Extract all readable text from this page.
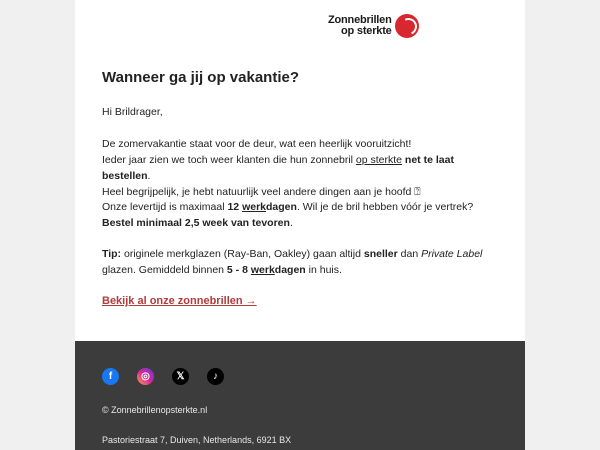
Zonnebrillen
op sterkte
Wanneer ga jij op vakantie?
Hi Brildrager,
De zomervakantie staat voor de deur, wat een heerlijk vooruitzicht!
Ieder jaar zien we toch weer klanten die hun zonnebril op sterkte net te laat bestellen.
Heel begrijpelijk, je hebt natuurlijk veel andere dingen aan je hoofd ⍰
Onze levertijd is maximaal 12 werkdagen. Wil je de bril hebben vóór je vertrek?
Bestel minimaal 2,5 week van tevoren.
Tip: originele merkglazen (Ray-Ban, Oakley) gaan altijd sneller dan Private Label
glazen. Gemiddeld binnen 5 - 8 werkdagen in huis.
Bekijk al onze zonnebrillen →
f	◎	𝕏	♪
© Zonnebrillenopsterkte.nl
Pastoriestraat 7, Duiven, Netherlands, 6921 BX
